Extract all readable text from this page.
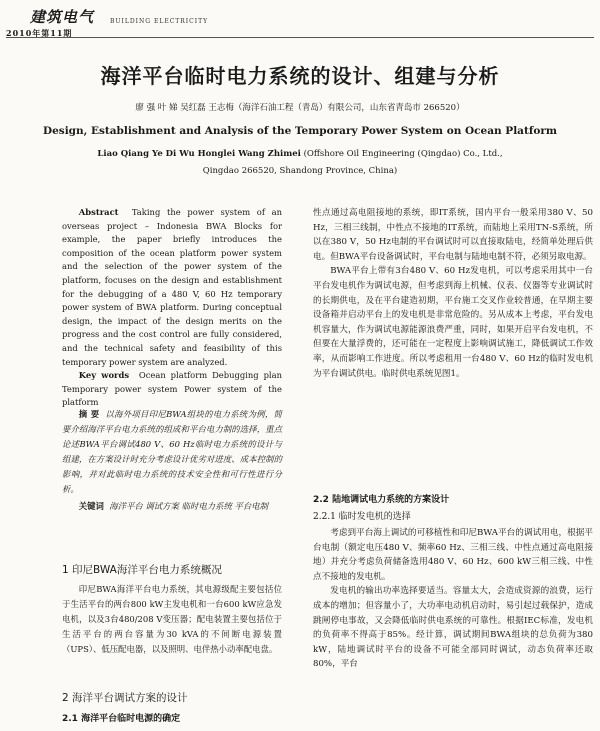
建筑电气	BUILDING ELECTRICITY
2010年第11期
海洋平台临时电力系统的设计、组建与分析
廖 强 叶 娣 吴红磊 王志梅（海洋石油工程（青岛）有限公司，山东省青岛市 266520）
Design, Establishment and Analysis of the Temporary Power System on Ocean Platform
Liao Qiang Ye Di Wu Honglei Wang Zhimei (Offshore Oil Engineering (Qingdao) Co., Ltd.,
Qingdao 266520, Shandong Province, China)

Abstract Taking the power system of an overseas project – Indonesia BWA Blocks for example, the paper briefly introduces the composition of the ocean platform power system and the selection of the power system of the platform, focuses on the design and establishment for the debugging of a 480 V, 60 Hz temporary power system of BWA platform. During conceptual design, the impact of the design merits on the progress and the cost control are fully considered, and the technical safety and feasibility of this temporary power system are analyzed.

Key words Ocean platform Debugging plan Temporary power system Power system of the platform

摘 要 以海外项目印尼BWA组块的电力系统为例，简要介绍海洋平台电力系统的组成和平台电力制的选择，重点论述BWA平台调试480 V、60 Hz临时电力系统的设计与组建，在方案设计时充分考虑设计优劣对进度、成本控制的影响，并对此临时电力系统的技术安全性和可行性进行分析。

关键词 海洋平台 调试方案 临时电力系统 平台电制

1 印尼BWA海洋平台电力系统概况

印尼BWA海洋平台电力系统，其电源级配主要包括位于生活平台的两台800 kW主发电机和一台600 kW应急发电机，以及3台480/208 V变压器；配电装置主要包括位于生活平台的两台容量为30 kVA的不间断电源装置（UPS）、低压配电器，以及照明、电伴热小动率配电盘。

2 海洋平台调试方案的设计
2.1 海洋平台临时电源的确定

性点通过高电阻接地的系统，即IT系统，国内平台一般采用380 V、50 Hz，三相三线制，中性点不接地的IT系统，而陆地上采用TN-S系统，所以在380 V，50 Hz电制的平台调试时可以直接取陆电，经简单处理后供电。但BWA平台设备调试时，平台电制与陆地电制不符，必须另取电源。

BWA平台上带有3台480 V、60 Hz发电机，可以考虑采用其中一台平台发电机作为调试电源，但考虑到海上机械、仪表、仪器等专业调试时的长期供电，及在平台建造初期，平台施工交叉作业较普通，在早期主要设备箱并启动平台上的发电机是非常危险的。另从成本上考虑，平台发电机容量大，作为调试电源能源浪费严重，同时，如果开启平台发电机，不但要在大量浮费的，还可能在一定程度上影响调试施工，降低调试工作效率，从而影响工作进度。所以考虑租用一台480 V、60 Hz的临时发电机为平台调试供电。临时供电系统见图1。

2.2 陆地调试电力系统的方案设计
2.2.1 临时发电机的选择

考虑到平台海上调试的可移植性和印尼BWA平台的调试用电，根据平台电制（额定电压480 V、频率60 Hz、三相三线、中性点通过高电阻接地）并充分考虑负荷储备选用480 V、60 Hz、600 kW三相三线、中性点不接地的发电机。

发电机的输出功率选择要适当。容量太大，会造成资源的浪费，运行成本的增加；但容量小了，大功率电动机启动时，易引起过载保护，造成跳闸停电事故，又会降低临时供电系统的可靠性。根据IEC标准，发电机的负荷率不得高于85%。经计算，调试期间BWA组块的总负荷为380 kW，陆地调试时平台的设备不可能全部同时调试，动态负荷率还取80%，平台
